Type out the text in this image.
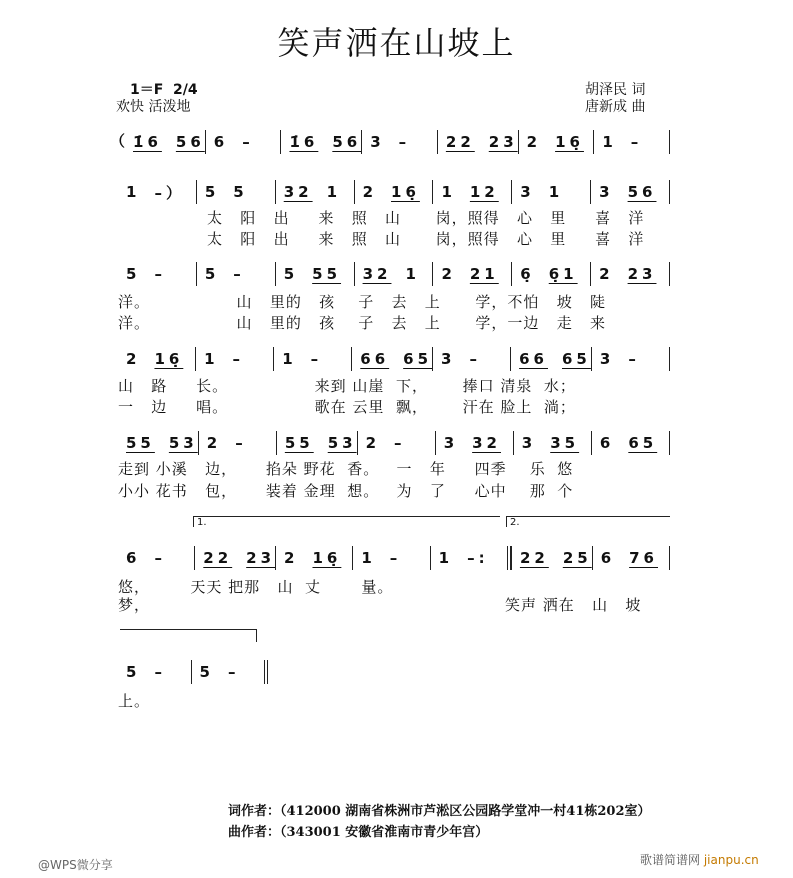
笑声洒在山坡上
1＝F  2/4
欢快 活泼地
胡泽民 词
唐新成 曲
（ 1̇6 56 6 – 1̇6 56 3 – 22 23 2 16̣ 1 –
1 –） 5 5 32 1 2 16̣ 1 12 3 1 3 56
太   阳   出     来   照   山      岗，照得   心   里     喜   洋
太   阳   出     来   照   山      岗，照得   心   里     喜   洋
5 –	5 –	5 55 32 1 2 21 6̣ 6̣1 2 23
洋。               山   里的   孩    子   去   上      学，不怕   坡   陡
洋。               山   里的   孩    子   去   上      学，一边   走   来
2 16̣ 1 –	1 –	66 65 3 –	66 65 3 –
山   路     长。               来到 山崖  下，      捧口 清泉  水；
一   边     唱。               歌在 云里  飘，      汗在 脸上  淌；
55 53 2 –	55 53 2 –	3 32 3 35 6 65
走到 小溪   边，     掐朵 野花  香。   一   年     四季    乐  悠
小小 花书   包，     装着 金理  想。   为   了     心中    那  个
6 – 22 23 2 16̣ 1 – 1 –: 22 25 6 76
悠，       天天 把那   山  丈       量。
梦，
5 – 5 –
上。
1.	2.
笑声 洒在   山   坡
词作者：（412000 湖南省株洲市芦淞区公园路学堂冲一村41栋202室）
曲作者：（343001 安徽省淮南市青少年宫）
@WPS微分享	歌谱简谱网 jianpu.cn
